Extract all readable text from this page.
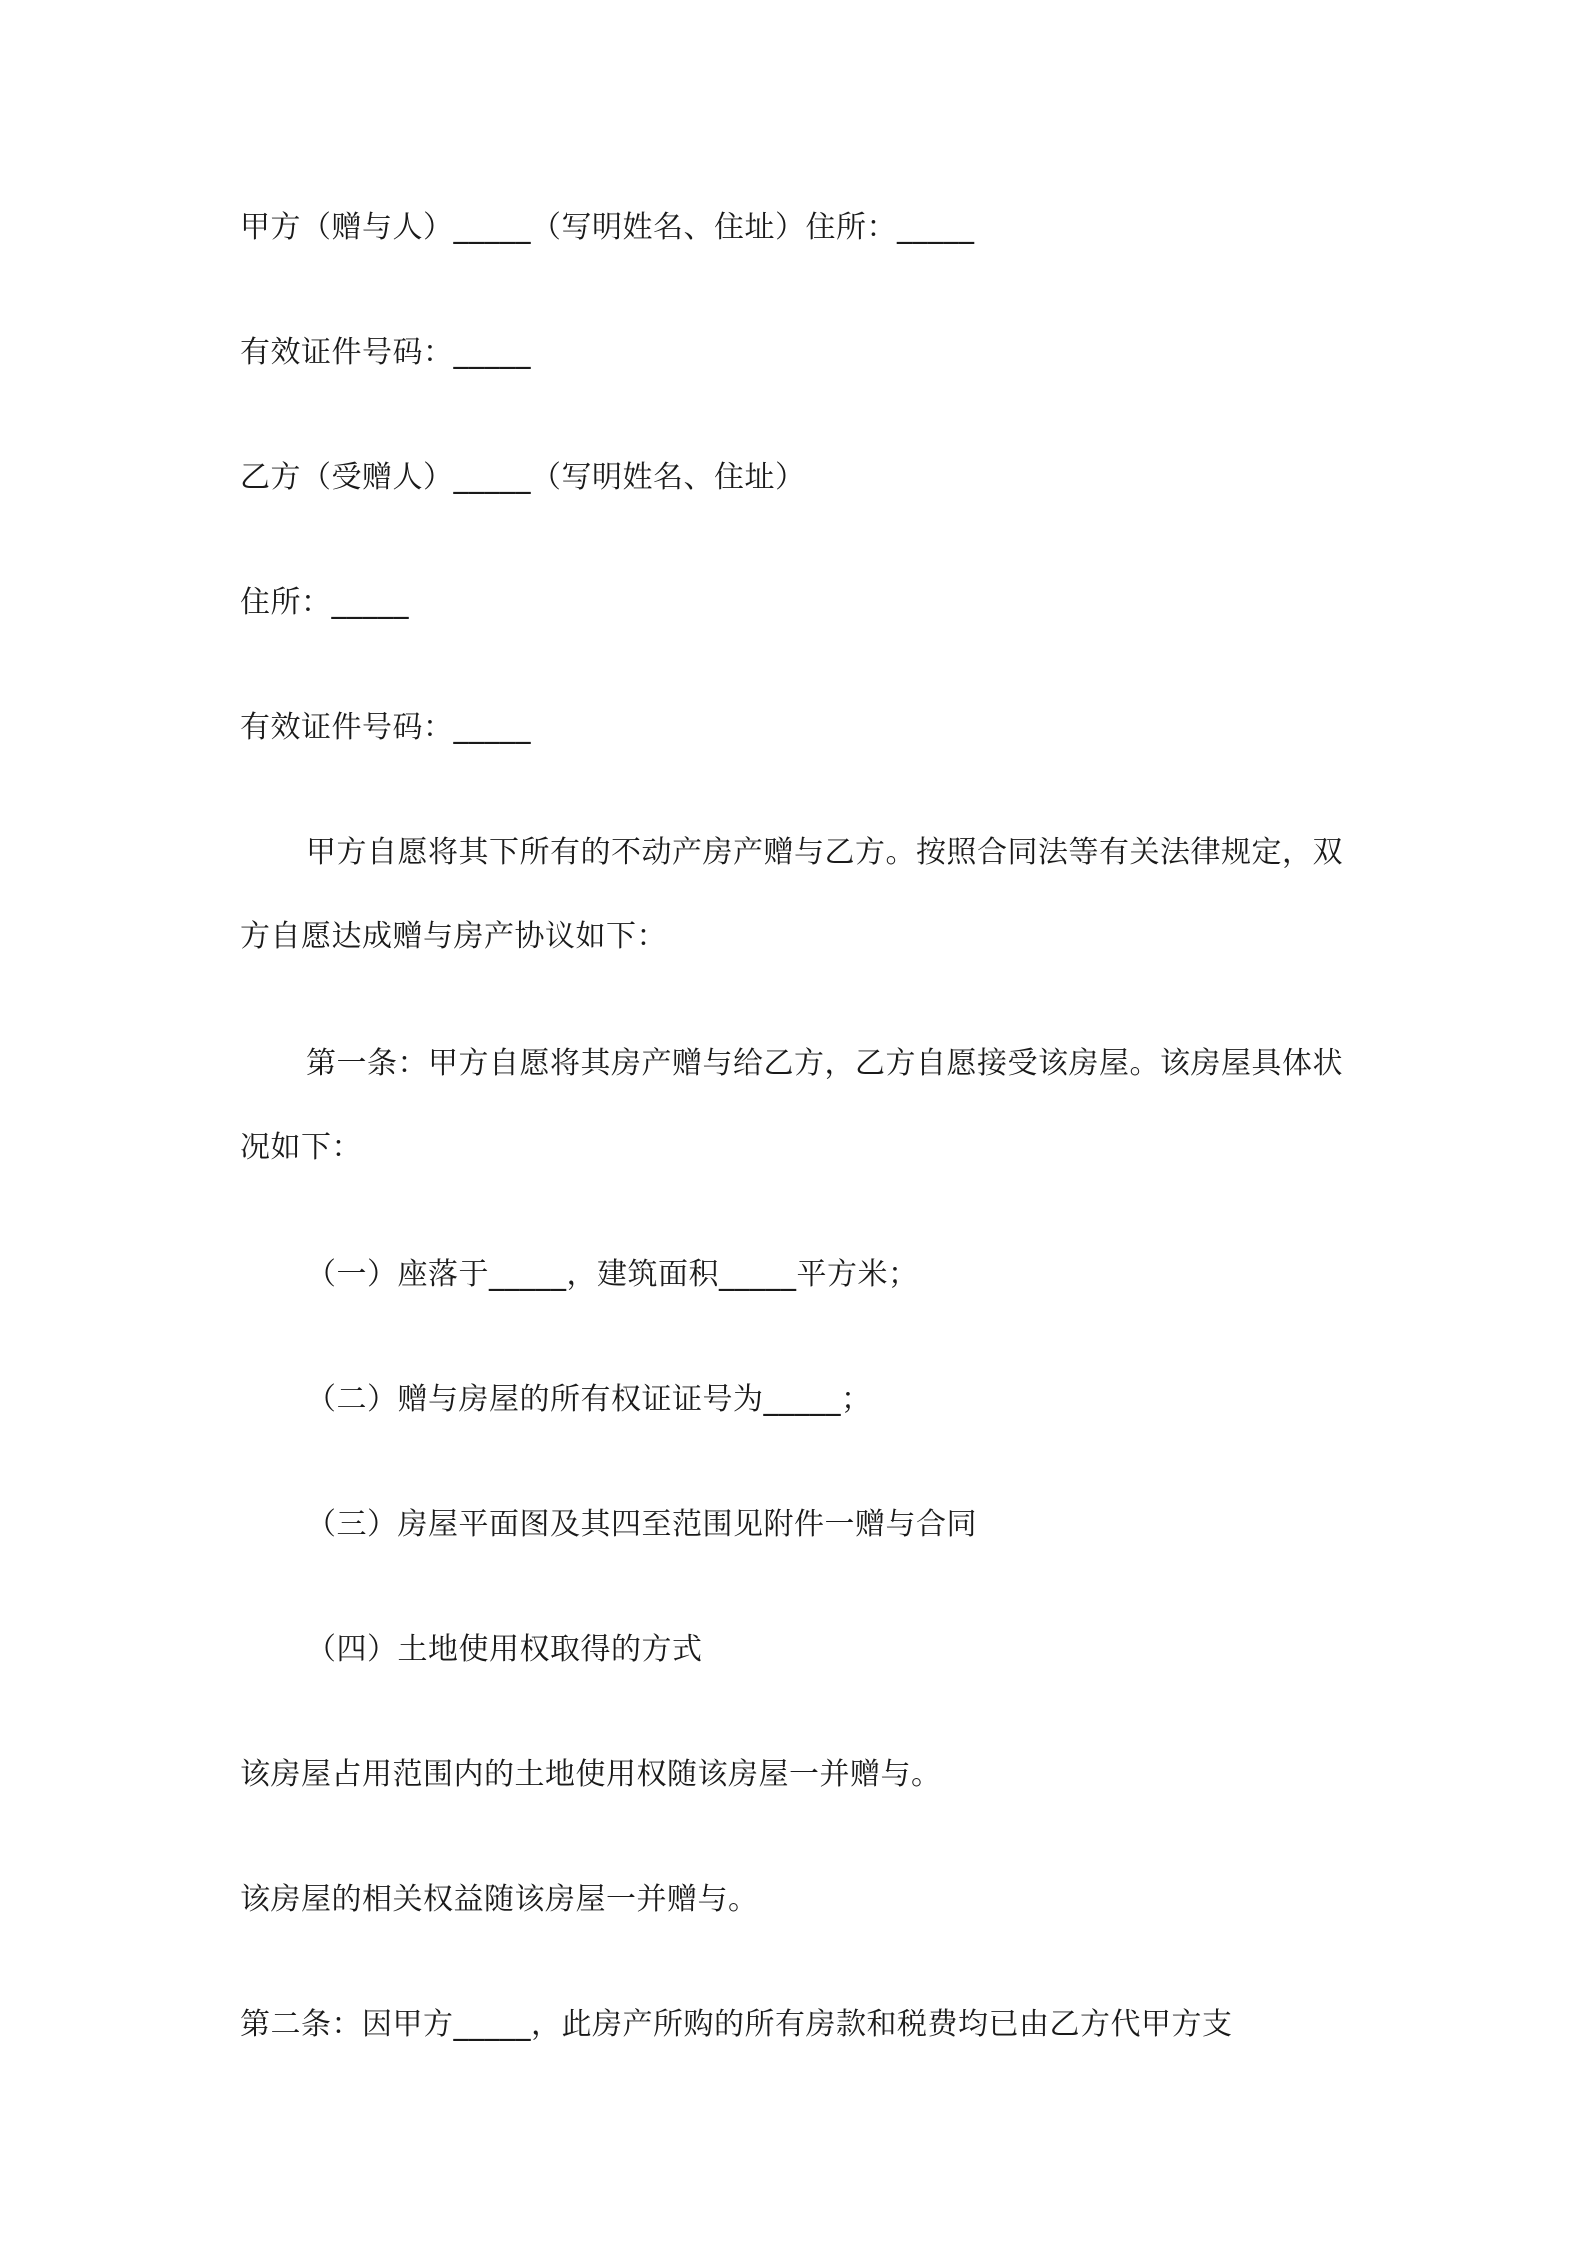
甲方（赠与人）_____（写明姓名、住址）住所：_____

有效证件号码：_____

乙方（受赠人）_____（写明姓名、住址）

住所：_____

有效证件号码：_____

甲方自愿将其下所有的不动产房产赠与乙方。按照合同法等有关法律规定，双方自愿达成赠与房产协议如下：

第一条：甲方自愿将其房产赠与给乙方，乙方自愿接受该房屋。该房屋具体状况如下：

（一）座落于_____，建筑面积_____平方米；

（二）赠与房屋的所有权证证号为_____；

（三）房屋平面图及其四至范围见附件一赠与合同

（四）土地使用权取得的方式

该房屋占用范围内的土地使用权随该房屋一并赠与。

该房屋的相关权益随该房屋一并赠与。

第二条：因甲方_____，此房产所购的所有房款和税费均已由乙方代甲方支
